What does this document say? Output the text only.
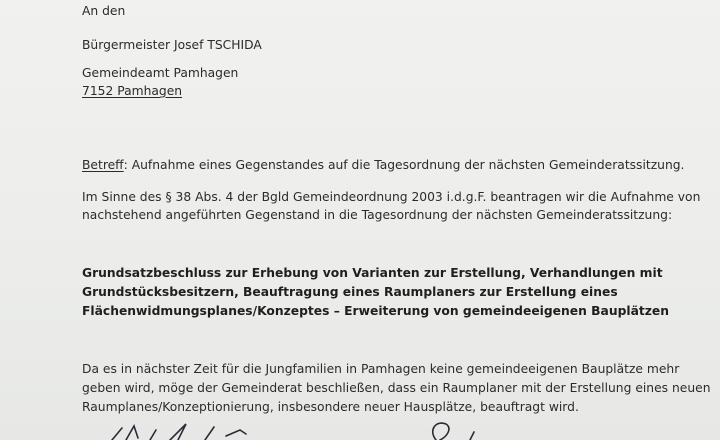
An den
Bürgermeister Josef TSCHIDA
Gemeindeamt Pamhagen
7152 Pamhagen
Betreff: Aufnahme eines Gegenstandes auf die Tagesordnung der nächsten Gemeinderatssitzung.
Im Sinne des § 38 Abs. 4 der Bgld Gemeindeordnung 2003 i.d.g.F. beantragen wir die Aufnahme von
nachstehend angeführten Gegenstand in die Tagesordnung der nächsten Gemeinderatssitzung:
Grundsatzbeschluss zur Erhebung von Varianten zur Erstellung, Verhandlungen mit
Grundstücksbesitzern, Beauftragung eines Raumplaners zur Erstellung eines
Flächenwidmungsplanes/Konzeptes – Erweiterung von gemeindeeigenen Bauplätzen
Da es in nächster Zeit für die Jungfamilien in Pamhagen keine gemeindeeigenen Bauplätze mehr
geben wird, möge der Gemeinderat beschließen, dass ein Raumplaner mit der Erstellung eines neuen
Raumplanes/Konzeptionierung, insbesondere neuer Hausplätze, beauftragt wird.
